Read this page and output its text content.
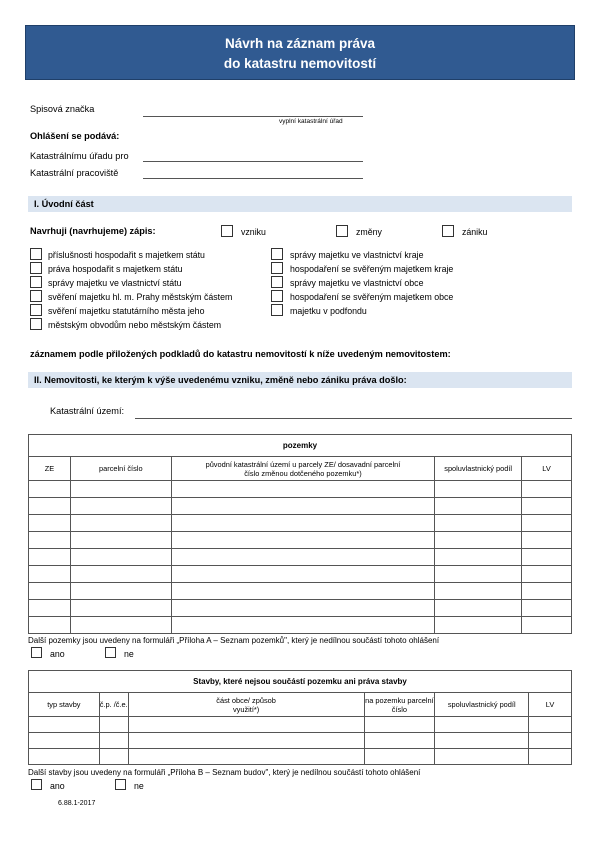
Návrh na záznam práva
do katastru nemovitostí
Spisová značka
vyplní katastrální úřad
Ohlášení se podává:
Katastrálnímu úřadu pro
Katastrální pracoviště
I. Úvodní část
Navrhuji (navrhujeme) zápis:	vzniku	změny	zániku
příslušnosti hospodařit s majetkem státu
práva hospodařit s majetkem státu
správy majetku ve vlastnictví státu
svěření majetku hl. m. Prahy městským částem
svěření majetku statutárního města jeho
městským obvodům nebo městským částem
správy majetku ve vlastnictví kraje
hospodaření se svěřeným majetkem kraje
správy majetku ve vlastnictví obce
hospodaření se svěřeným majetkem obce
majetku v podfondu
záznamem podle přiložených podkladů do katastru nemovitostí k níže uvedeným nemovitostem:
II. Nemovitosti, ke kterým k výše uvedenému vzniku, změně nebo zániku práva došlo:
Katastrální území:
pozemky				
ZE	parcelní číslo	původní katastrální území u parcely ZE/ dosavadní parcelní číslo změnou dotčeného pozemku*)	spoluvlastnický podíl	LV

Další pozemky jsou uvedeny na formuláři „Příloha A – Seznam pozemků", který je nedílnou součástí tohoto ohlášení
ano	ne
Stavby, které nejsou součástí pozemku ani práva stavby					
typ stavby	č.p. /č.e.	část obce/ způsob využití*)	na pozemku parcelní číslo	spoluvlastnický podíl	LV

Další stavby jsou uvedeny na formuláři „Příloha B – Seznam budov", který je nedílnou součástí tohoto ohlášení
ano	ne
6.88.1-2017
